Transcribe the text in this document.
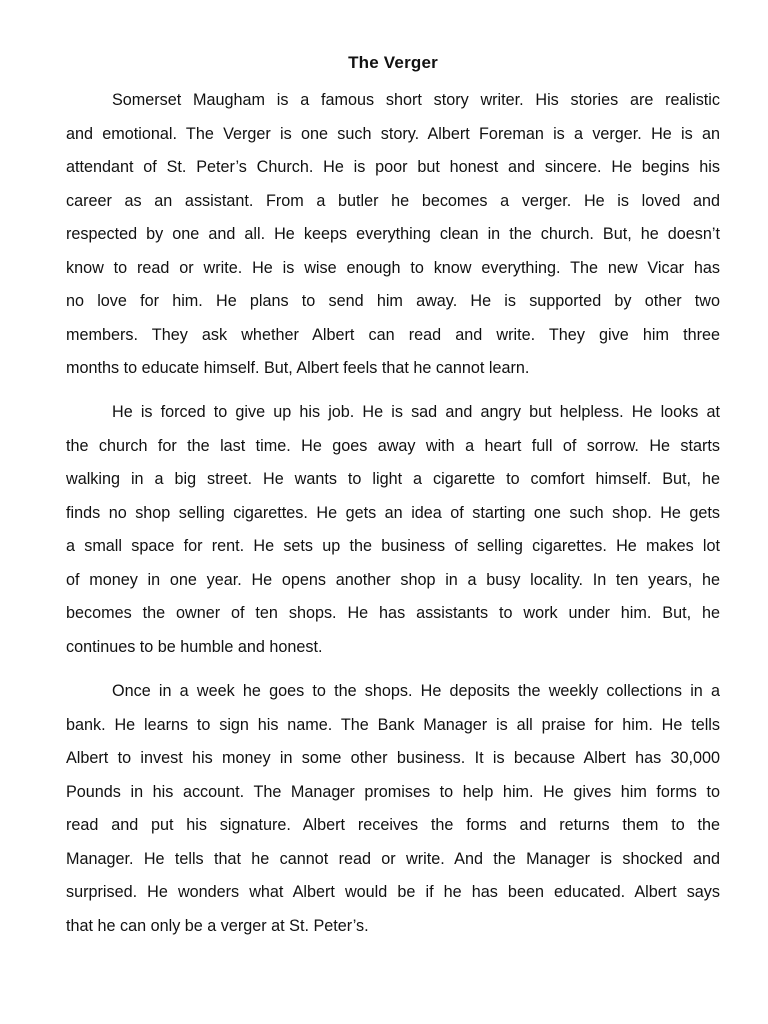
The Verger
Somerset Maugham is a famous short story writer. His stories are realistic
and emotional. The Verger is one such story. Albert Foreman is a verger. He is an
attendant of St. Peter’s Church. He is poor but honest and sincere. He begins his
career as an assistant. From a butler he becomes a verger. He is loved and
respected by one and all. He keeps everything clean in the church. But, he doesn’t
know to read or write. He is wise enough to know everything. The new Vicar has
no love for him. He plans to send him away. He is supported by other two
members. They ask whether Albert can read and write. They give him three
months to educate himself. But, Albert feels that he cannot learn.
He is forced to give up his job. He is sad and angry but helpless. He looks at
the church for the last time. He goes away with a heart full of sorrow. He starts
walking in a big street. He wants to light a cigarette to comfort himself. But, he
finds no shop selling cigarettes. He gets an idea of starting one such shop. He gets
a small space for rent. He sets up the business of selling cigarettes. He makes lot
of money in one year. He opens another shop in a busy locality. In ten years, he
becomes the owner of ten shops. He has assistants to work under him. But, he
continues to be humble and honest.
Once in a week he goes to the shops. He deposits the weekly collections in a
bank. He learns to sign his name. The Bank Manager is all praise for him. He tells
Albert to invest his money in some other business. It is because Albert has 30,000
Pounds in his account. The Manager promises to help him. He gives him forms to
read and put his signature. Albert receives the forms and returns them to the
Manager. He tells that he cannot read or write. And the Manager is shocked and
surprised. He wonders what Albert would be if he has been educated. Albert says
that he can only be a verger at St. Peter’s.
